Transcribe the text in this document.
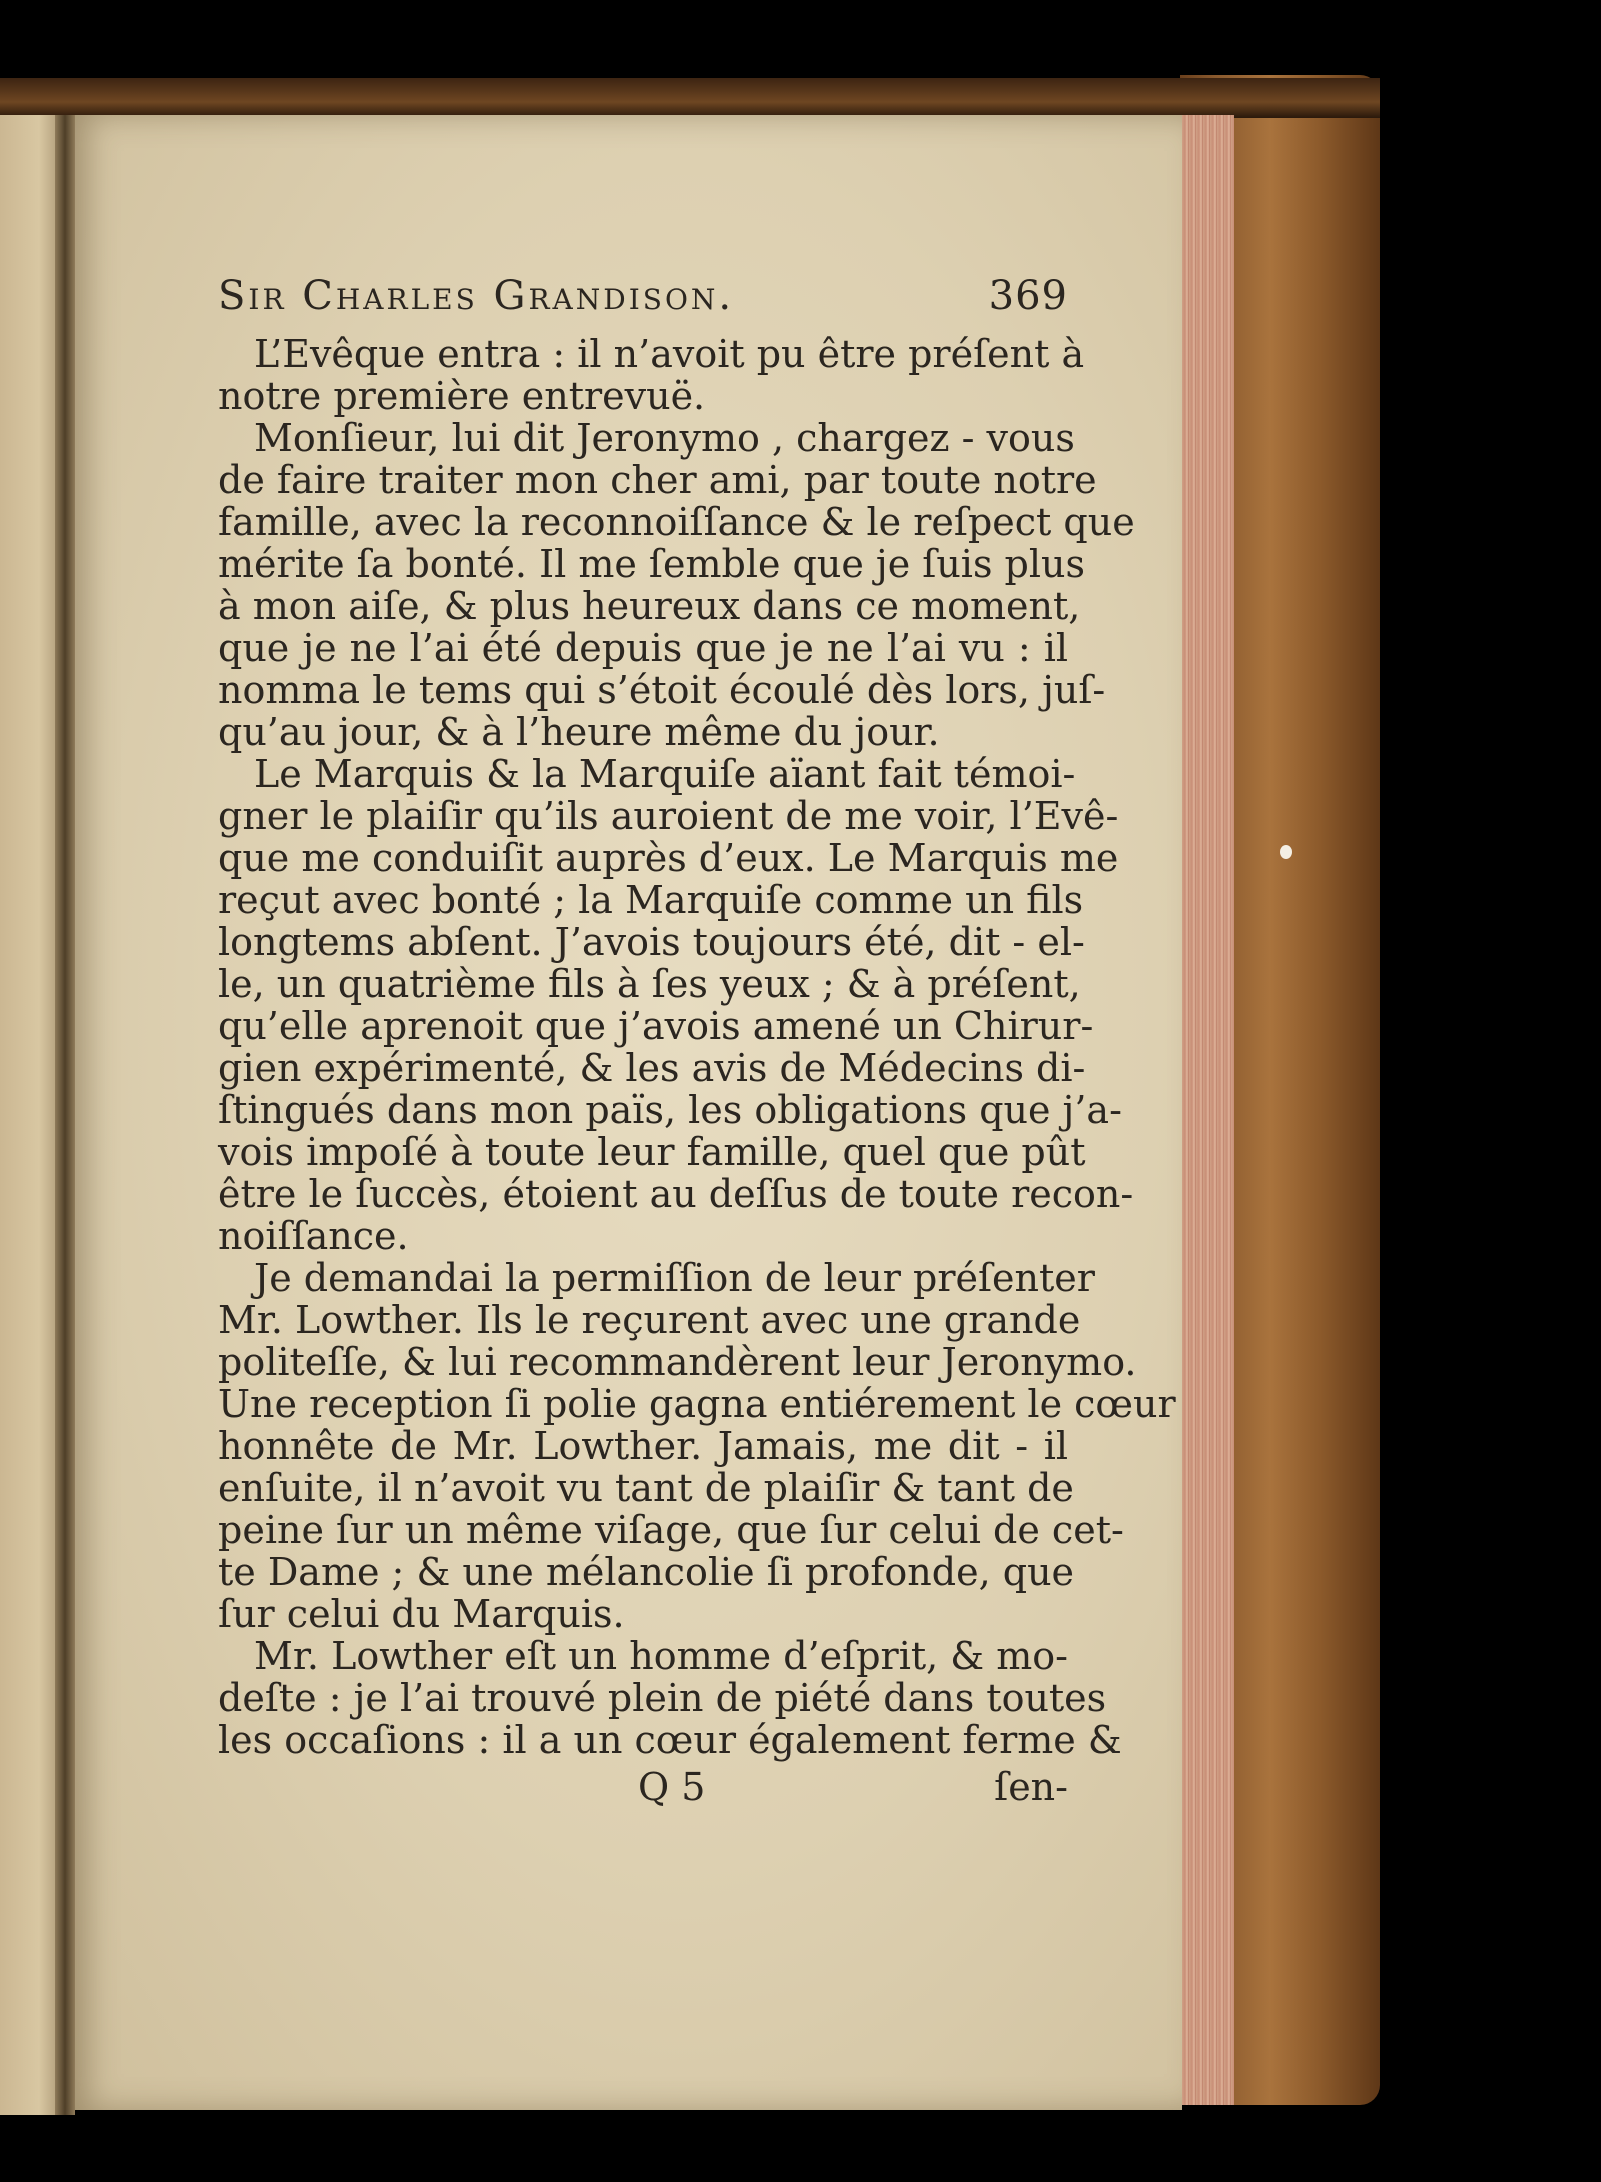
Sir Charles Grandison.	369
L’Evêque entra : il n’avoit pu être préſent à
notre première entrevuë.
Monſieur, lui dit Jeronymo , chargez - vous
de faire traiter mon cher ami, par toute notre
famille, avec la reconnoiſſance & le reſpect que
mérite ſa bonté. Il me ſemble que je ſuis plus
à mon aiſe, & plus heureux dans ce moment,
que je ne l’ai été depuis que je ne l’ai vu : il
nomma le tems qui s’étoit écoulé dès lors, juſ-
qu’au jour, & à l’heure même du jour.
Le Marquis & la Marquiſe aïant fait témoi-
gner le plaiſir qu’ils auroient de me voir, l’Evê-
que me conduiſit auprès d’eux. Le Marquis me
reçut avec bonté ; la Marquiſe comme un fils
longtems abſent. J’avois toujours été, dit - el-
le, un quatrième fils à ſes yeux ; & à préſent,
qu’elle aprenoit que j’avois amené un Chirur-
gien expérimenté, & les avis de Médecins di-
ſtingués dans mon païs, les obligations que j’a-
vois impoſé à toute leur famille, quel que pût
être le ſuccès, étoient au deſſus de toute recon-
noiſſance.
Je demandai la permiſſion de leur préſenter
Mr. Lowther. Ils le reçurent avec une grande
politeſſe, & lui recommandèrent leur Jeronymo.
Une reception ſi polie gagna entiérement le cœur
honnête de Mr. Lowther. Jamais, me dit - il
enſuite, il n’avoit vu tant de plaiſir & tant de
peine ſur un même viſage, que ſur celui de cet-
te Dame ; & une mélancolie ſi profonde, que
ſur celui du Marquis.
Mr. Lowther eſt un homme d’eſprit, & mo-
deſte : je l’ai trouvé plein de piété dans toutes
les occaſions : il a un cœur également ferme &
Q 5	ſen-
